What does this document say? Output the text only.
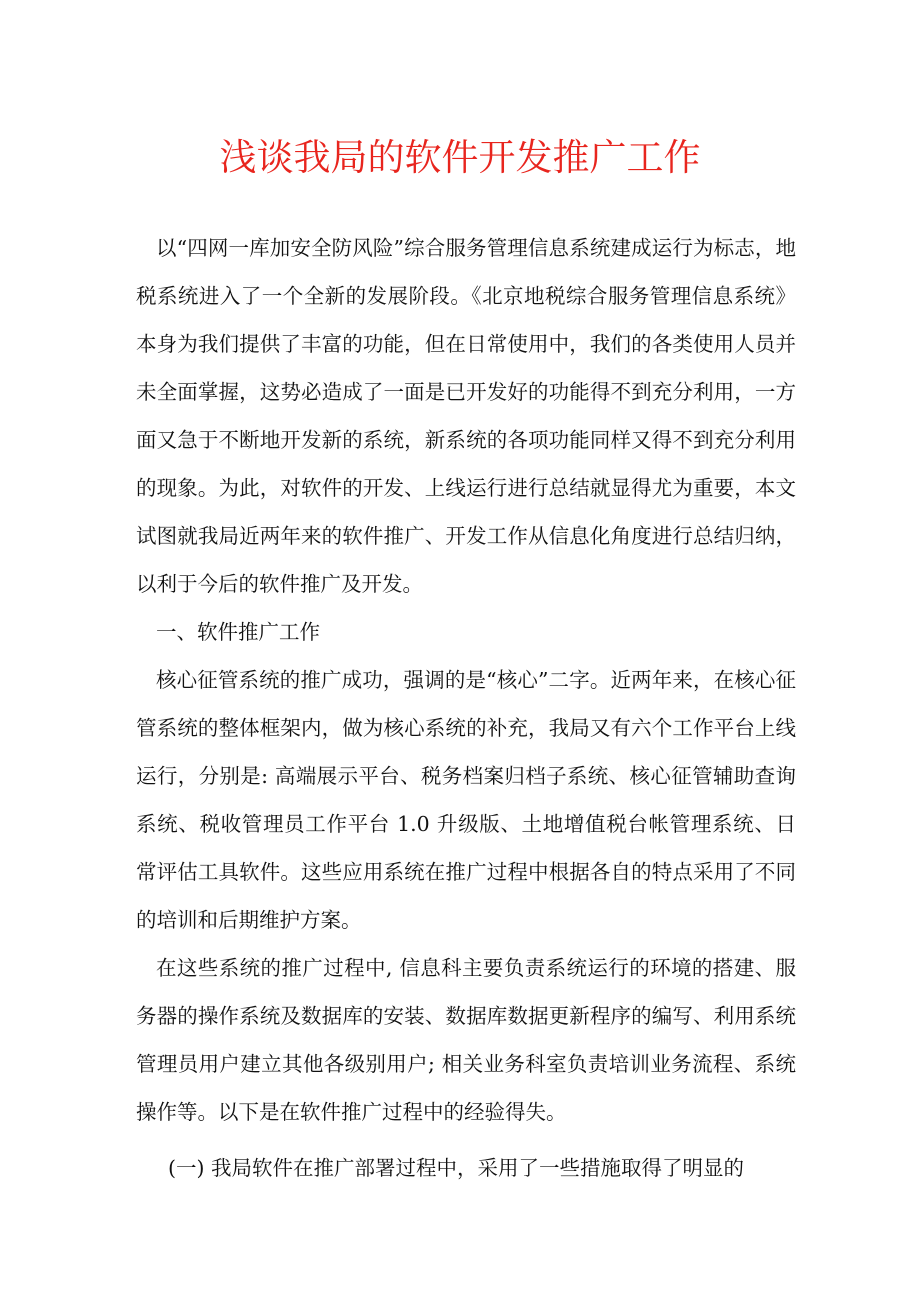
浅谈我局的软件开发推广工作

以“四网一库加安全防风险”综合服务管理信息系统建成运行为标志，地税系统进入了一个全新的发展阶段。《北京地税综合服务管理信息系统》本身为我们提供了丰富的功能，但在日常使用中，我们的各类使用人员并未全面掌握，这势必造成了一面是已开发好的功能得不到充分利用，一方面又急于不断地开发新的系统，新系统的各项功能同样又得不到充分利用的现象。为此，对软件的开发、上线运行进行总结就显得尤为重要，本文试图就我局近两年来的软件推广、开发工作从信息化角度进行总结归纳，以利于今后的软件推广及开发。

一、软件推广工作

核心征管系统的推广成功，强调的是“核心”二字。近两年来，在核心征管系统的整体框架内，做为核心系统的补充，我局又有六个工作平台上线运行，分别是: 高端展示平台、税务档案归档子系统、核心征管辅助查询系统、税收管理员工作平台 1.0 升级版、土地增值税台帐管理系统、日常评估工具软件。这些应用系统在推广过程中根据各自的特点采用了不同的培训和后期维护方案。

在这些系统的推广过程中, 信息科主要负责系统运行的环境的搭建、服务器的操作系统及数据库的安装、数据库数据更新程序的编写、利用系统管理员用户建立其他各级别用户; 相关业务科室负责培训业务流程、系统操作等。以下是在软件推广过程中的经验得失。

(一) 我局软件在推广部署过程中，采用了一些措施取得了明显的
